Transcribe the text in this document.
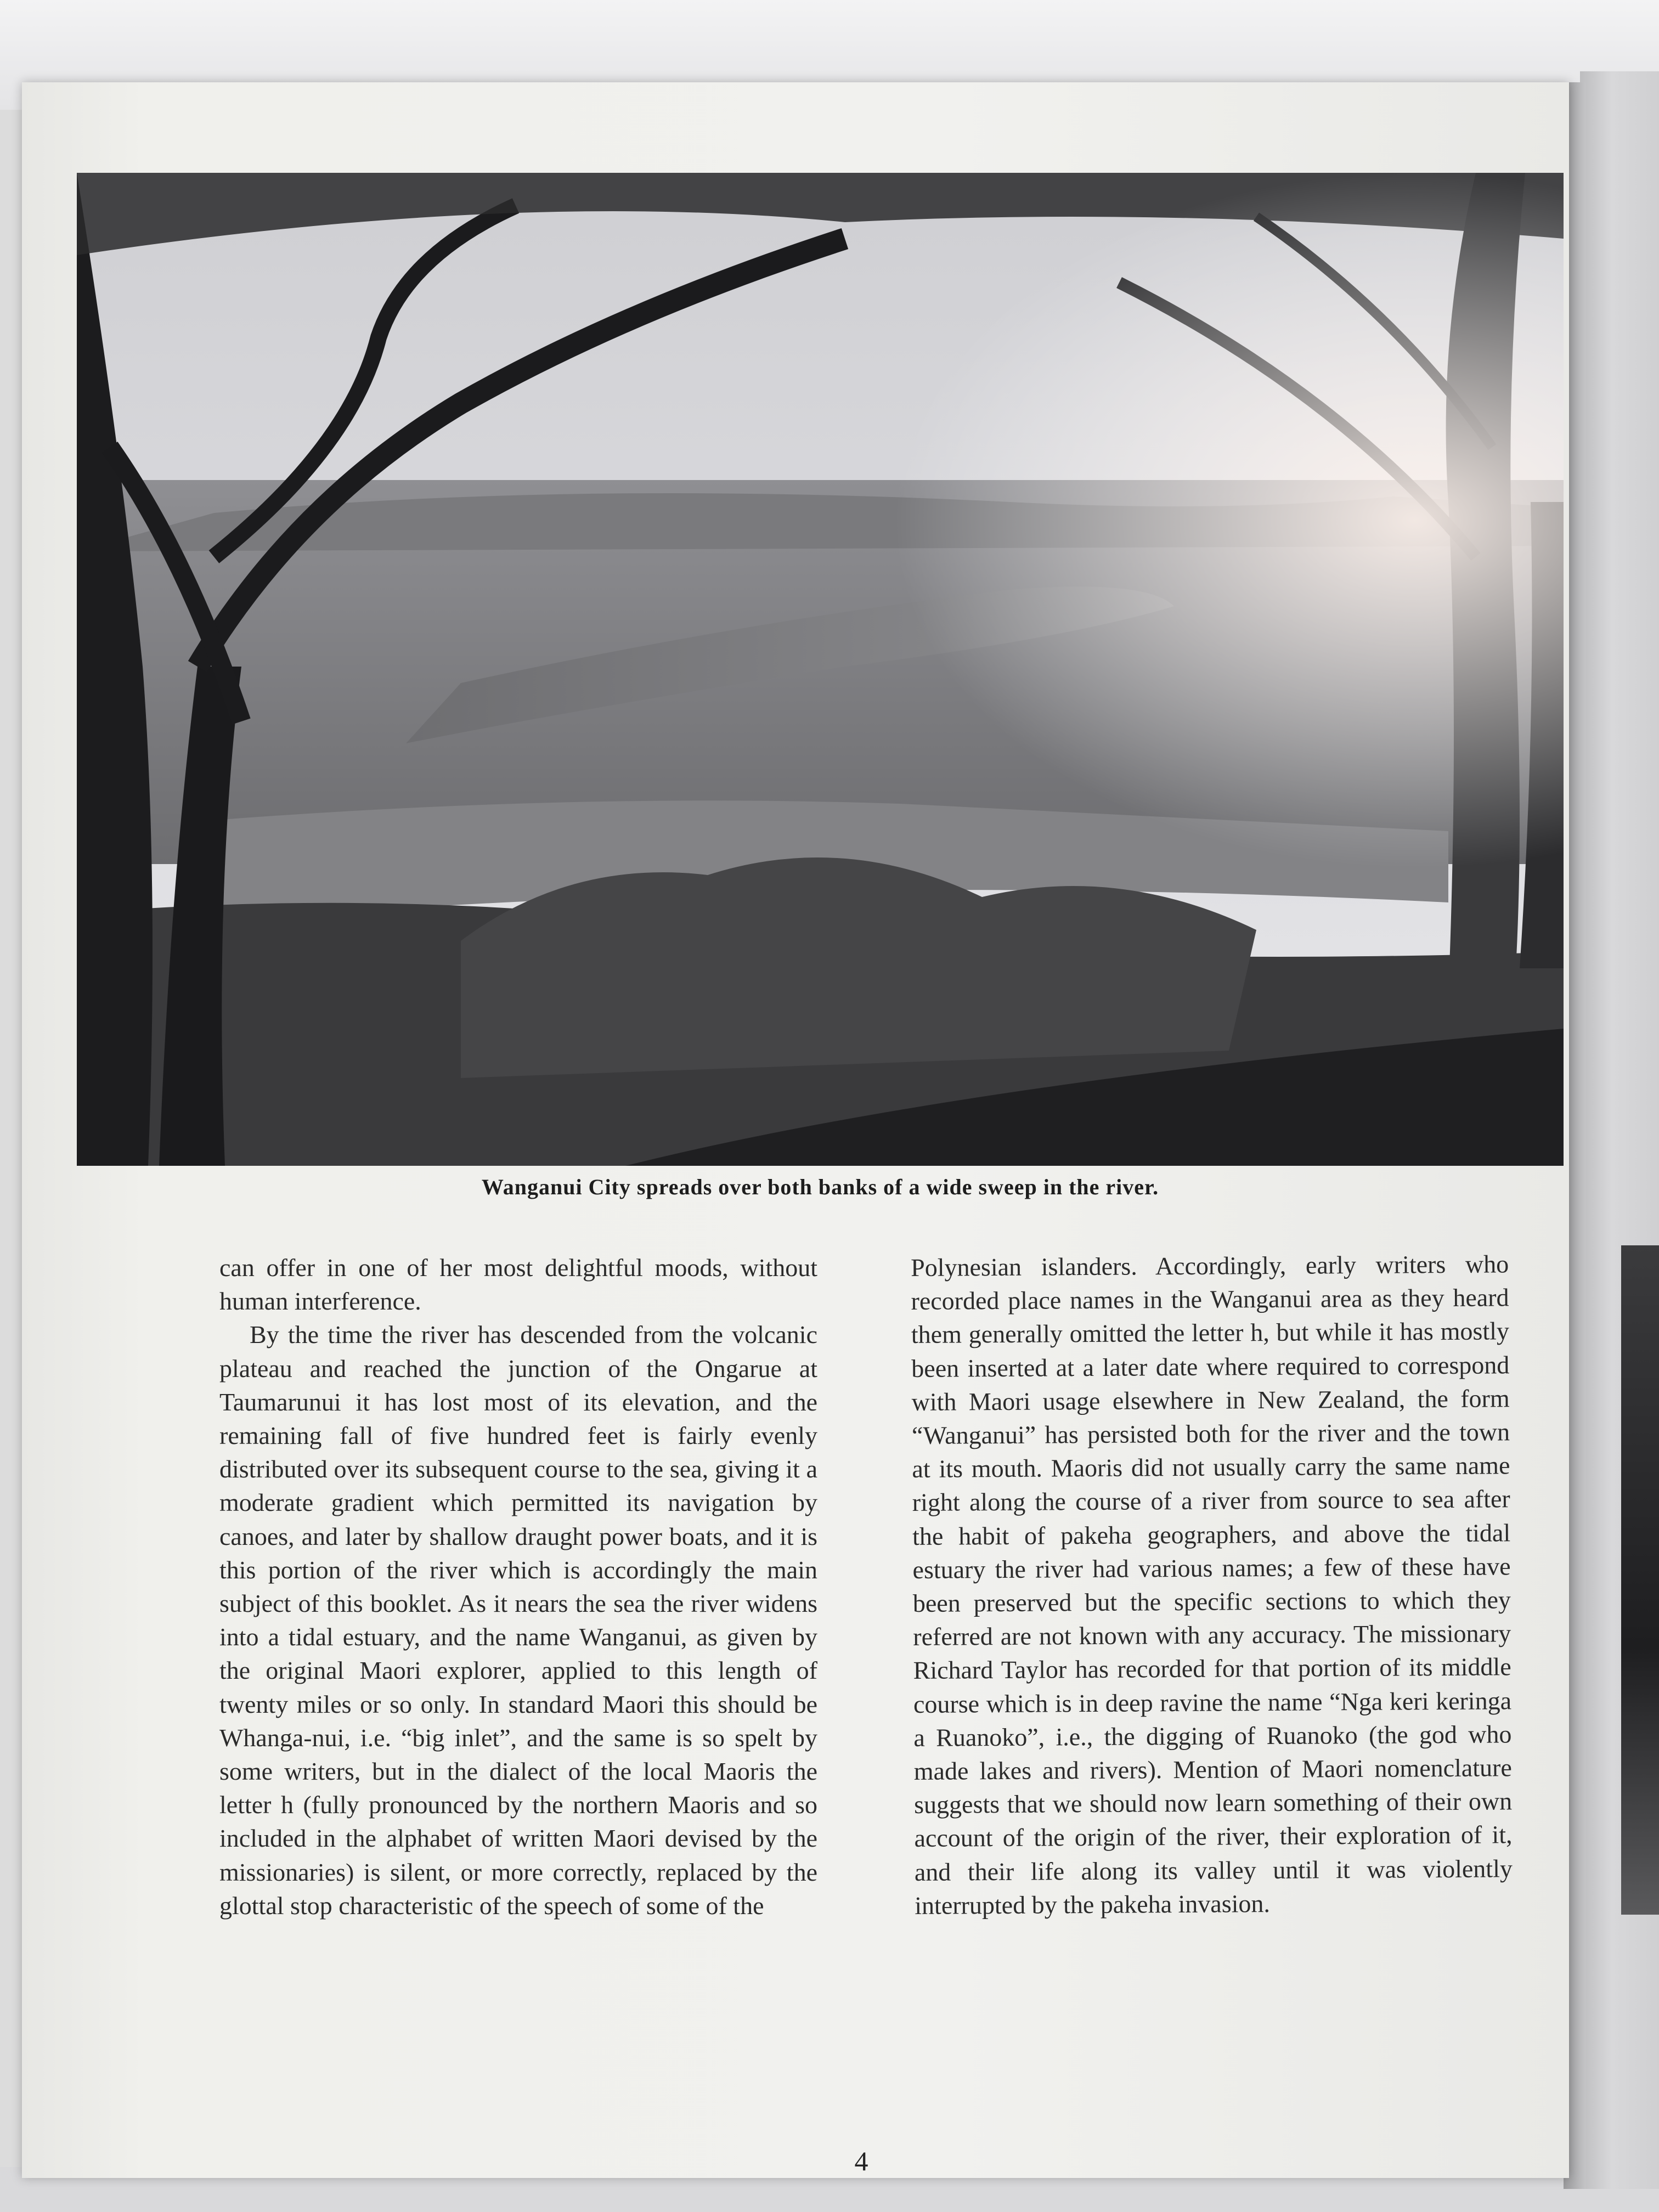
Wanganui City spreads over both banks of a wide sweep in the river.

can offer in one of her most delightful moods, without human interference.

By the time the river has descended from the volcanic plateau and reached the junction of the Ongarue at Taumarunui it has lost most of its elevation, and the remaining fall of five hundred feet is fairly evenly distributed over its subsequent course to the sea, giving it a moderate gradient which permitted its navigation by canoes, and later by shallow draught power boats, and it is this portion of the river which is accordingly the main subject of this booklet. As it nears the sea the river widens into a tidal estuary, and the name Wanganui, as given by the original Maori explorer, applied to this length of twenty miles or so only. In standard Maori this should be Whanga-nui, i.e. “big inlet”, and the same is so spelt by some writers, but in the dialect of the local Maoris the letter h (fully pronounced by the northern Maoris and so included in the alphabet of written Maori devised by the missionaries) is silent, or more correctly, replaced by the glottal stop characteristic of the speech of some of the

Polynesian islanders. Accordingly, early writers who recorded place names in the Wanganui area as they heard them generally omitted the letter h, but while it has mostly been inserted at a later date where required to correspond with Maori usage elsewhere in New Zealand, the form “Wanganui” has persisted both for the river and the town at its mouth. Maoris did not usually carry the same name right along the course of a river from source to sea after the habit of pakeha geographers, and above the tidal estuary the river had various names; a few of these have been preserved but the specific sections to which they referred are not known with any accuracy. The missionary Richard Taylor has recorded for that portion of its middle course which is in deep ravine the name “Nga keri keringa a Ruanoko”, i.e., the digging of Ruanoko (the god who made lakes and rivers). Mention of Maori nomenclature suggests that we should now learn something of their own account of the origin of the river, their exploration of it, and their life along its valley until it was violently interrupted by the pakeha invasion.

4
